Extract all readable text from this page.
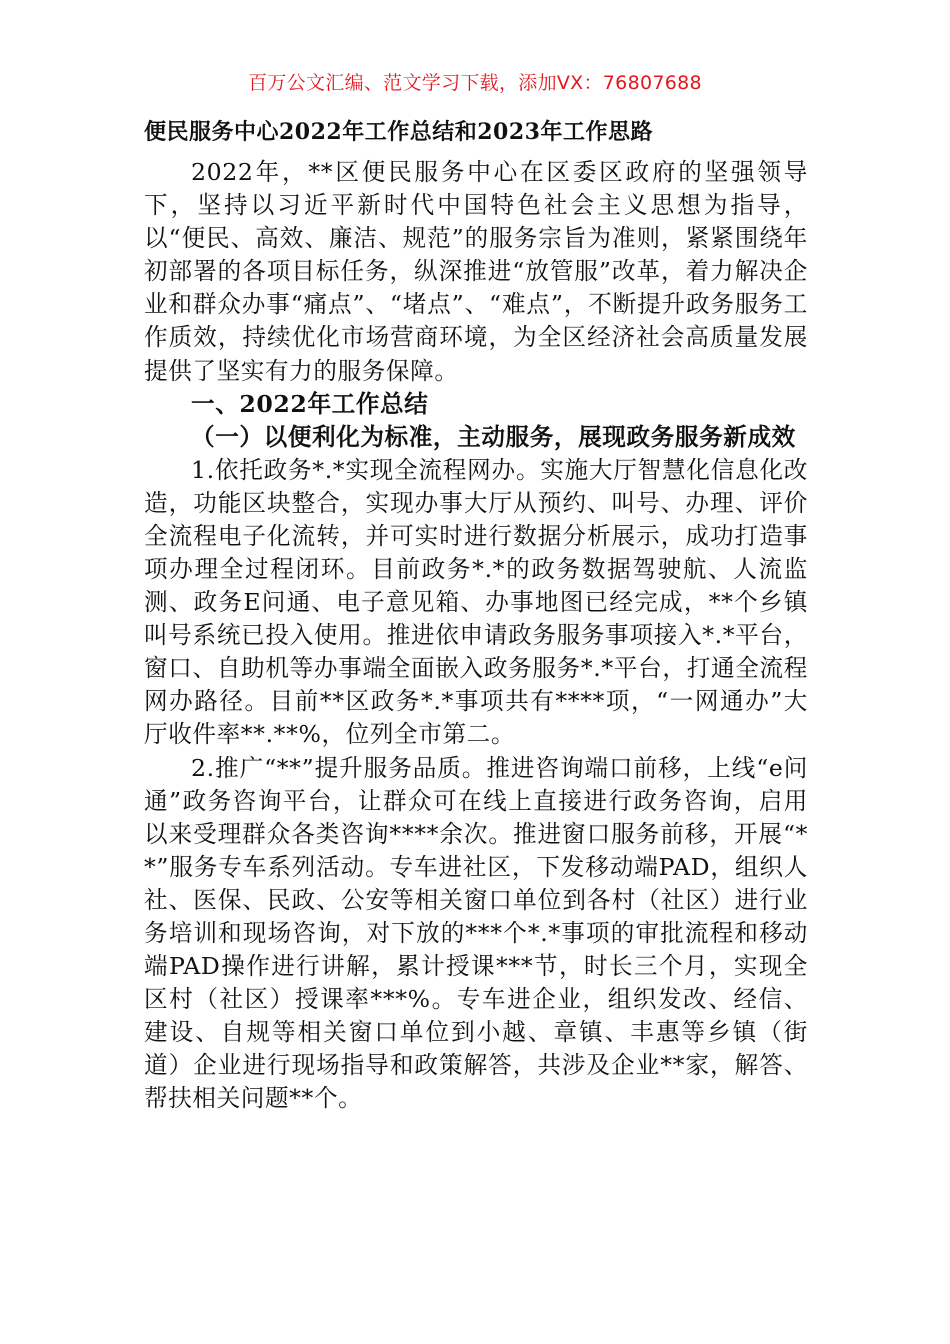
百万公文汇编、范文学习下载，添加VX：76807688
便民服务中心2022年工作总结和2023年工作思路

2022年，**区便民服务中心在区委区政府的坚强领导下，坚持以习近平新时代中国特色社会主义思想为指导，以“便民、高效、廉洁、规范”的服务宗旨为准则，紧紧围绕年初部署的各项目标任务，纵深推进“放管服”改革，着力解决企业和群众办事“痛点”、“堵点”、“难点”，不断提升政务服务工作质效，持续优化市场营商环境，为全区经济社会高质量发展提供了坚实有力的服务保障。

一、2022年工作总结

（一）以便利化为标准，主动服务，展现政务服务新成效

1.依托政务*.*实现全流程网办。实施大厅智慧化信息化改造，功能区块整合，实现办事大厅从预约、叫号、办理、评价全流程电子化流转，并可实时进行数据分析展示，成功打造事项办理全过程闭环。目前政务*.*的政务数据驾驶航、人流监测、政务E问通、电子意见箱、办事地图已经完成，**个乡镇叫号系统已投入使用。推进依申请政务服务事项接入*.*平台，窗口、自助机等办事端全面嵌入政务服务*.*平台，打通全流程网办路径。目前**区政务*.*事项共有****项，“一网通办”大厅收件率**.**%，位列全市第二。

2.推广“**”提升服务品质。推进咨询端口前移，上线“e问通”政务咨询平台，让群众可在线上直接进行政务咨询，启用以来受理群众各类咨询****余次。推进窗口服务前移，开展“**”服务专车系列活动。专车进社区，下发移动端PAD，组织人社、医保、民政、公安等相关窗口单位到各村（社区）进行业务培训和现场咨询，对下放的***个*.*事项的审批流程和移动端PAD操作进行讲解，累计授课***节，时长三个月，实现全区村（社区）授课率***%。专车进企业，组织发改、经信、建设、自规等相关窗口单位到小越、章镇、丰惠等乡镇（街道）企业进行现场指导和政策解答，共涉及企业**家，解答、帮扶相关问题**个。
